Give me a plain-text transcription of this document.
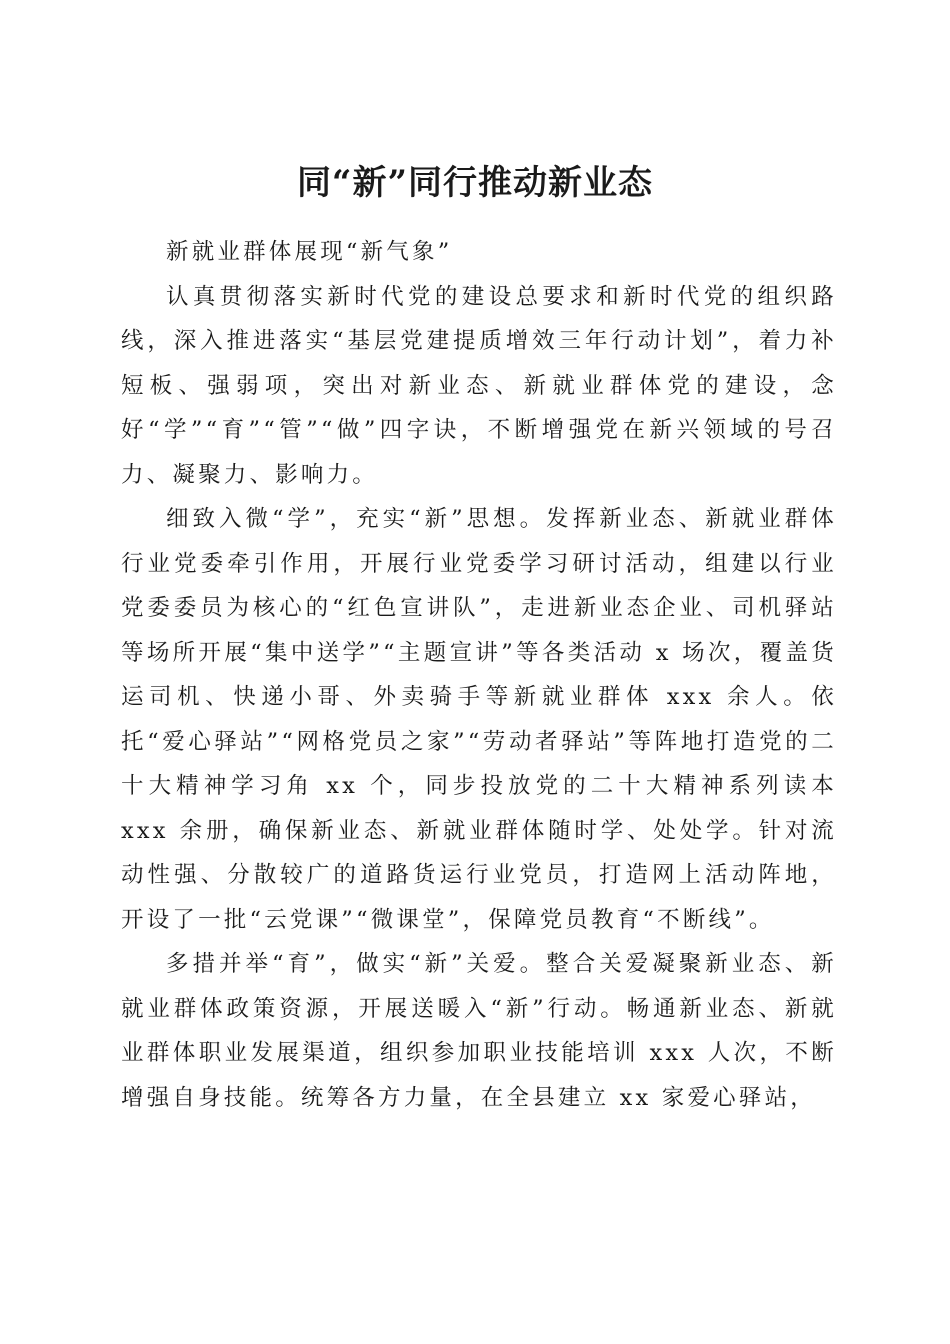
同“新”同行推动新业态

新就业群体展现“新气象”

认真贯彻落实新时代党的建设总要求和新时代党的组织路线，深入推进落实“基层党建提质增效三年行动计划”，着力补短板、强弱项，突出对新业态、新就业群体党的建设，念好“学”“育”“管”“做”四字诀，不断增强党在新兴领域的号召力、凝聚力、影响力。

细致入微“学”，充实“新”思想。发挥新业态、新就业群体行业党委牵引作用，开展行业党委学习研讨活动，组建以行业党委委员为核心的“红色宣讲队”，走进新业态企业、司机驿站等场所开展“集中送学”“主题宣讲”等各类活动 x 场次，覆盖货运司机、快递小哥、外卖骑手等新就业群体 xxx 余人。依托“爱心驿站”“网格党员之家”“劳动者驿站”等阵地打造党的二十大精神学习角 xx 个，同步投放党的二十大精神系列读本 xxx 余册，确保新业态、新就业群体随时学、处处学。针对流动性强、分散较广的道路货运行业党员，打造网上活动阵地，开设了一批“云党课”“微课堂”，保障党员教育“不断线”。

多措并举“育”，做实“新”关爱。整合关爱凝聚新业态、新就业群体政策资源，开展送暖入“新”行动。畅通新业态、新就业群体职业发展渠道，组织参加职业技能培训 xxx 人次，不断增强自身技能。统筹各方力量，在全县建立 xx 家爱心驿站，
